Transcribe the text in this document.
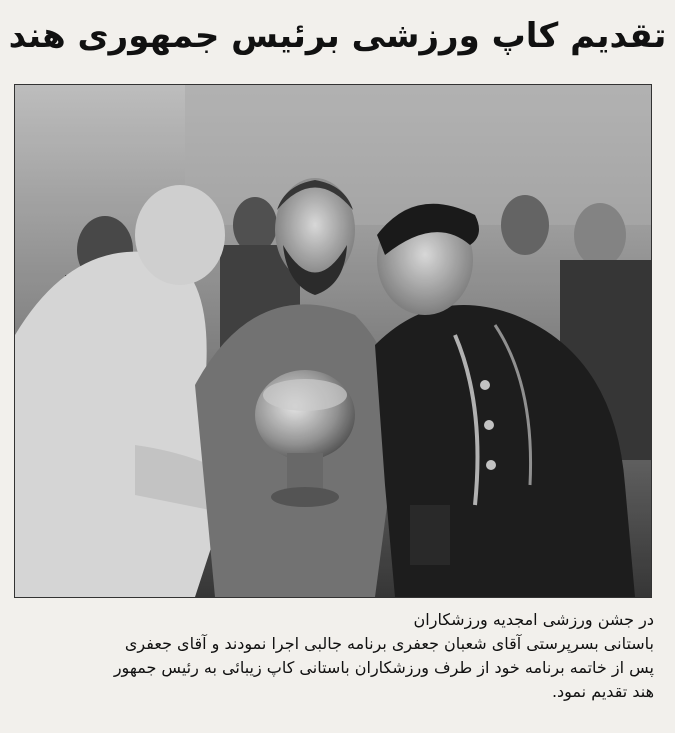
تقدیم کاپ ورزشی برئیس جمهوری هند

در جشن ورزشی امجدیه ورزشکاران

باستانی بسرپرستی آقای شعبان جعفری برنامه جالبی اجرا نمودند و آقای جعفری

پس از خاتمه برنامه خود از طرف ورزشکاران باستانی کاپ زیبائی به رئیس جمهور

هند تقدیم نمود.
